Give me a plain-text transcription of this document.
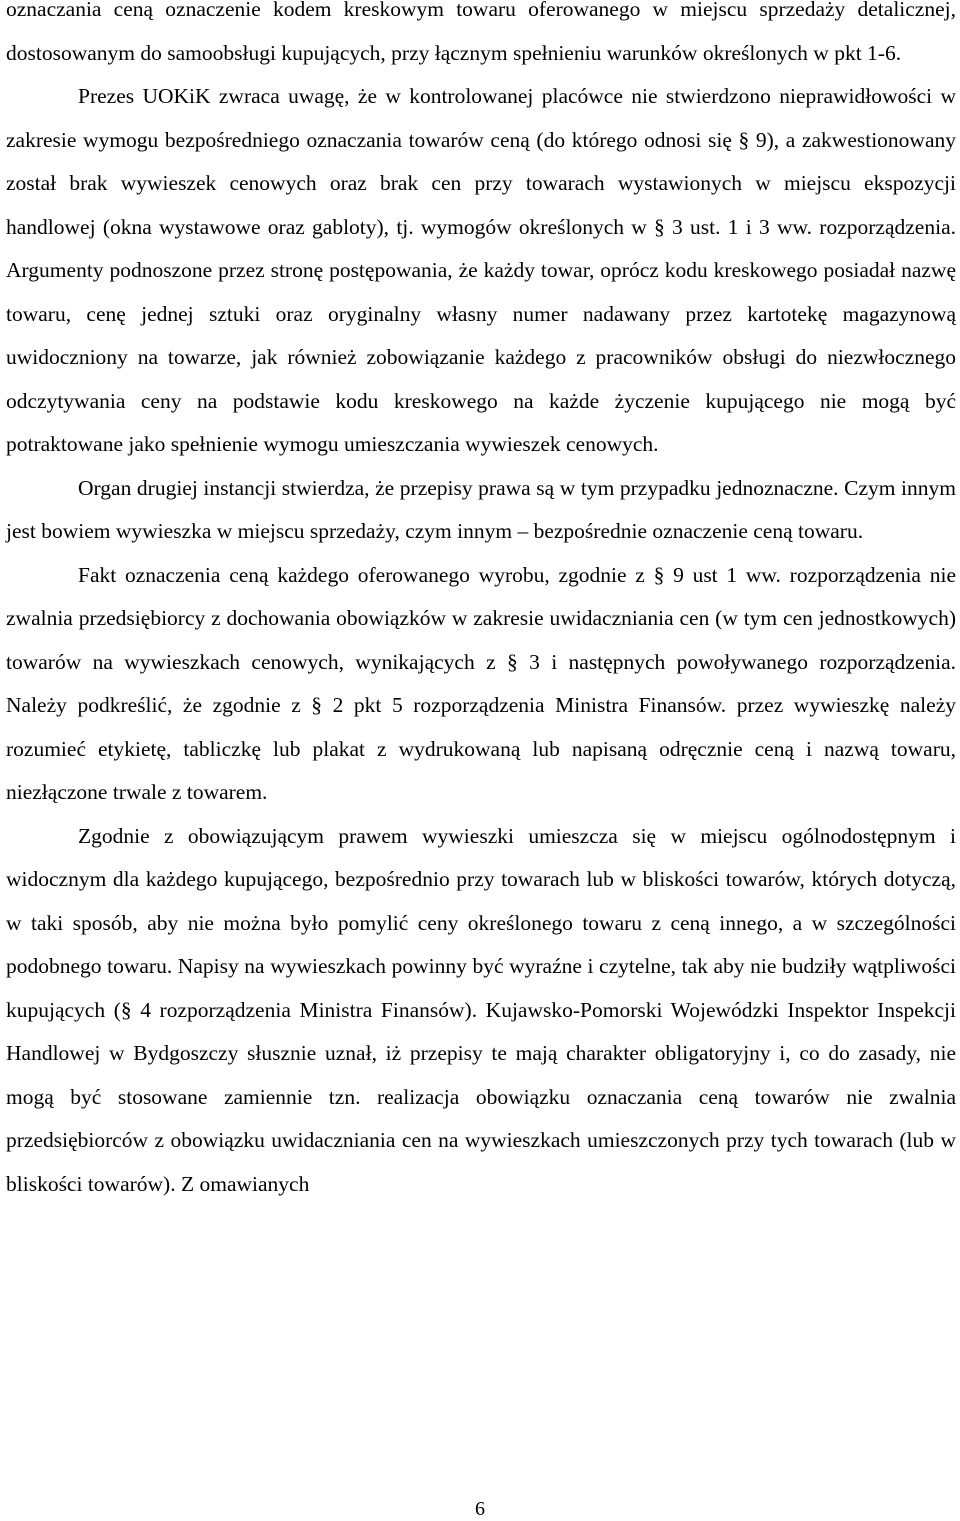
oznaczania ceną oznaczenie kodem kreskowym towaru oferowanego w miejscu sprzedaży detalicznej, dostosowanym do samoobsługi kupujących, przy łącznym spełnieniu warunków określonych w pkt 1-6.

Prezes UOKiK zwraca uwagę, że w kontrolowanej placówce nie stwierdzono nieprawidłowości w zakresie wymogu bezpośredniego oznaczania towarów ceną (do którego odnosi się § 9), a zakwestionowany został brak wywieszek cenowych oraz brak cen przy towarach wystawionych w miejscu ekspozycji handlowej (okna wystawowe oraz gabloty), tj. wymogów określonych w § 3 ust. 1 i 3 ww. rozporządzenia. Argumenty podnoszone przez stronę postępowania, że każdy towar, oprócz kodu kreskowego posiadał nazwę towaru, cenę jednej sztuki oraz oryginalny własny numer nadawany przez kartotekę magazynową uwidoczniony na towarze, jak również zobowiązanie każdego z pracowników obsługi do niezwłocznego odczytywania ceny na podstawie kodu kreskowego na każde życzenie kupującego nie mogą być potraktowane jako spełnienie wymogu umieszczania wywieszek cenowych.

Organ drugiej instancji stwierdza, że przepisy prawa są w tym przypadku jednoznaczne. Czym innym jest bowiem wywieszka w miejscu sprzedaży, czym innym – bezpośrednie oznaczenie ceną towaru.

Fakt oznaczenia ceną każdego oferowanego wyrobu, zgodnie z § 9 ust 1 ww. rozporządzenia nie zwalnia przedsiębiorcy z dochowania obowiązków w zakresie uwidaczniania cen (w tym cen jednostkowych) towarów na wywieszkach cenowych, wynikających z § 3 i następnych powoływanego rozporządzenia. Należy podkreślić, że zgodnie z § 2 pkt 5 rozporządzenia Ministra Finansów. przez wywieszkę należy rozumieć etykietę, tabliczkę lub plakat z wydrukowaną lub napisaną odręcznie ceną i nazwą towaru, niezłączone trwale z towarem.

Zgodnie z obowiązującym prawem wywieszki umieszcza się w miejscu ogólnodostępnym i widocznym dla każdego kupującego, bezpośrednio przy towarach lub w bliskości towarów, których dotyczą, w taki sposób, aby nie można było pomylić ceny określonego towaru z ceną innego, a w szczególności podobnego towaru. Napisy na wywieszkach powinny być wyraźne i czytelne, tak aby nie budziły wątpliwości kupujących (§ 4 rozporządzenia Ministra Finansów). Kujawsko-Pomorski Wojewódzki Inspektor Inspekcji Handlowej w Bydgoszczy słusznie uznał, iż przepisy te mają charakter obligatoryjny i, co do zasady, nie mogą być stosowane zamiennie tzn. realizacja obowiązku oznaczania ceną towarów nie zwalnia przedsiębiorców z obowiązku uwidaczniania cen na wywieszkach umieszczonych przy tych towarach (lub w bliskości towarów). Z omawianych

6
